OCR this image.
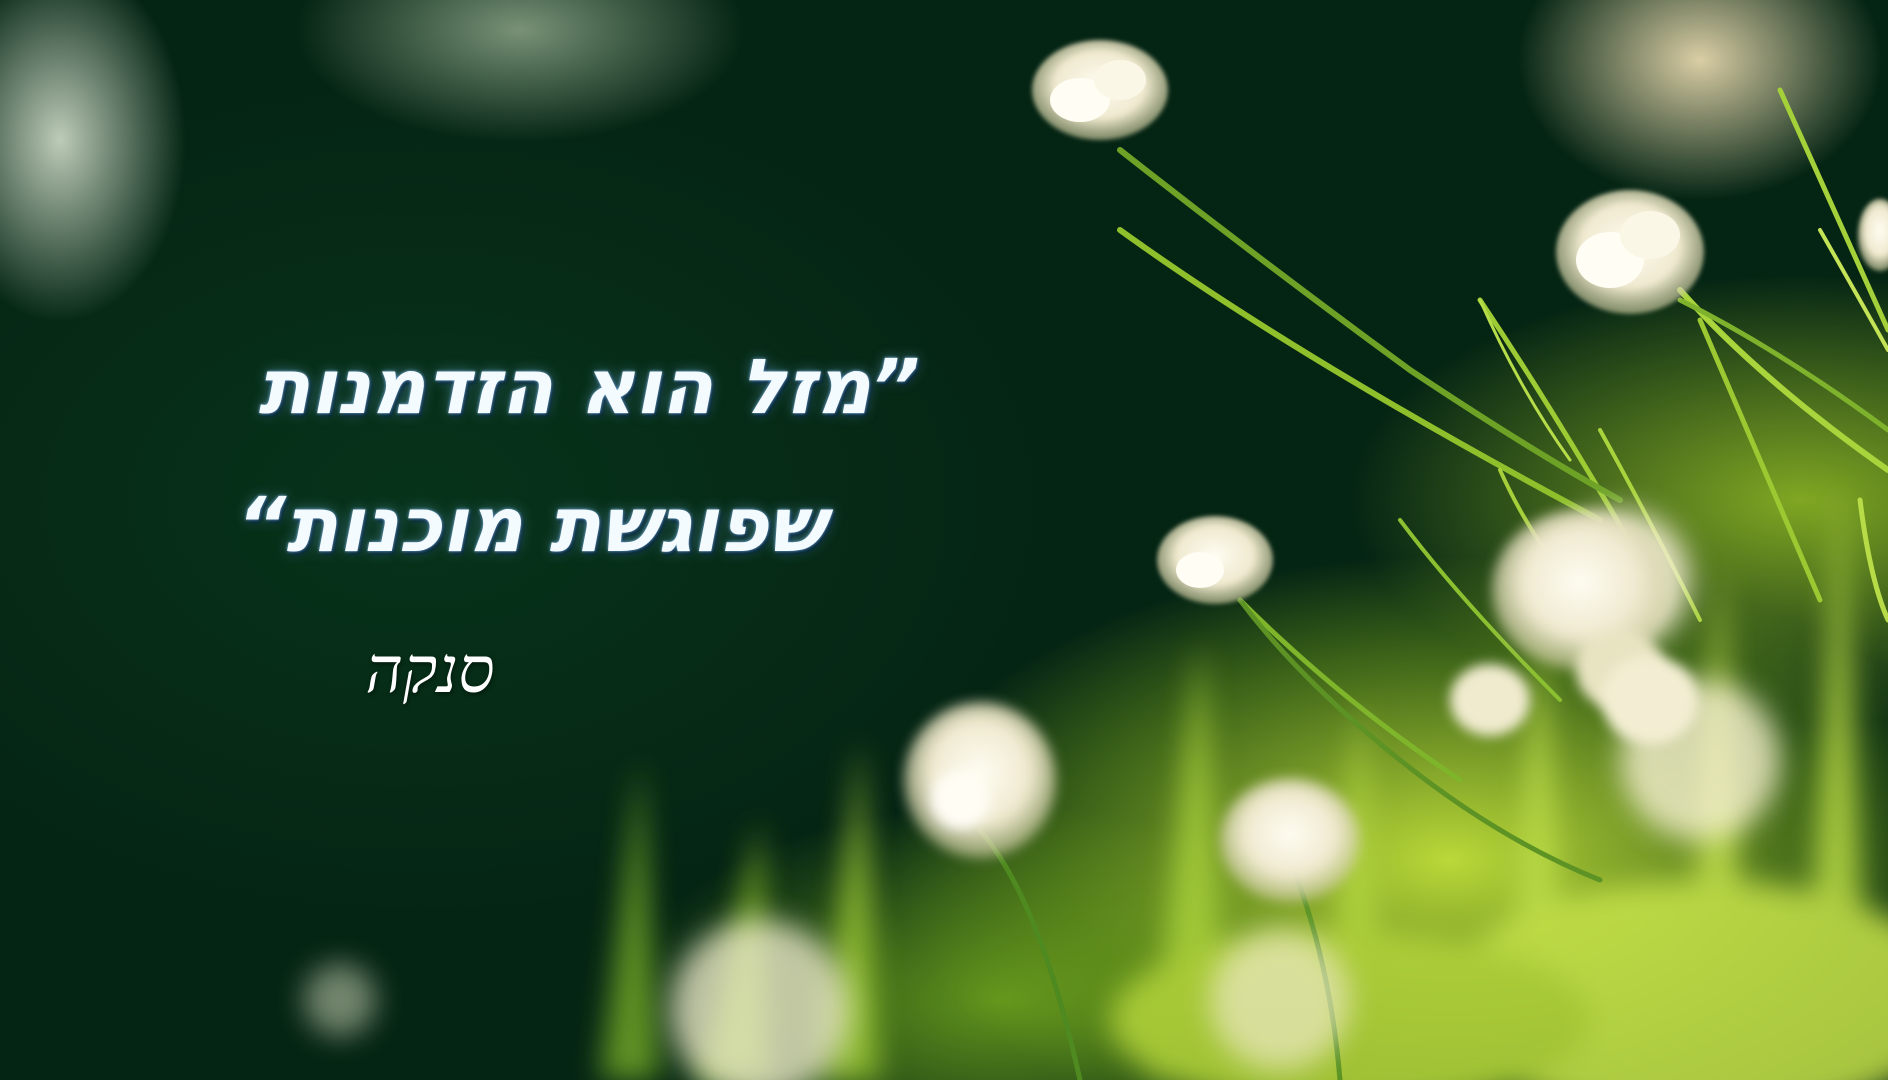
”מזל הוא הזדמנות
שפוגשת מוכנות“
סנקה
